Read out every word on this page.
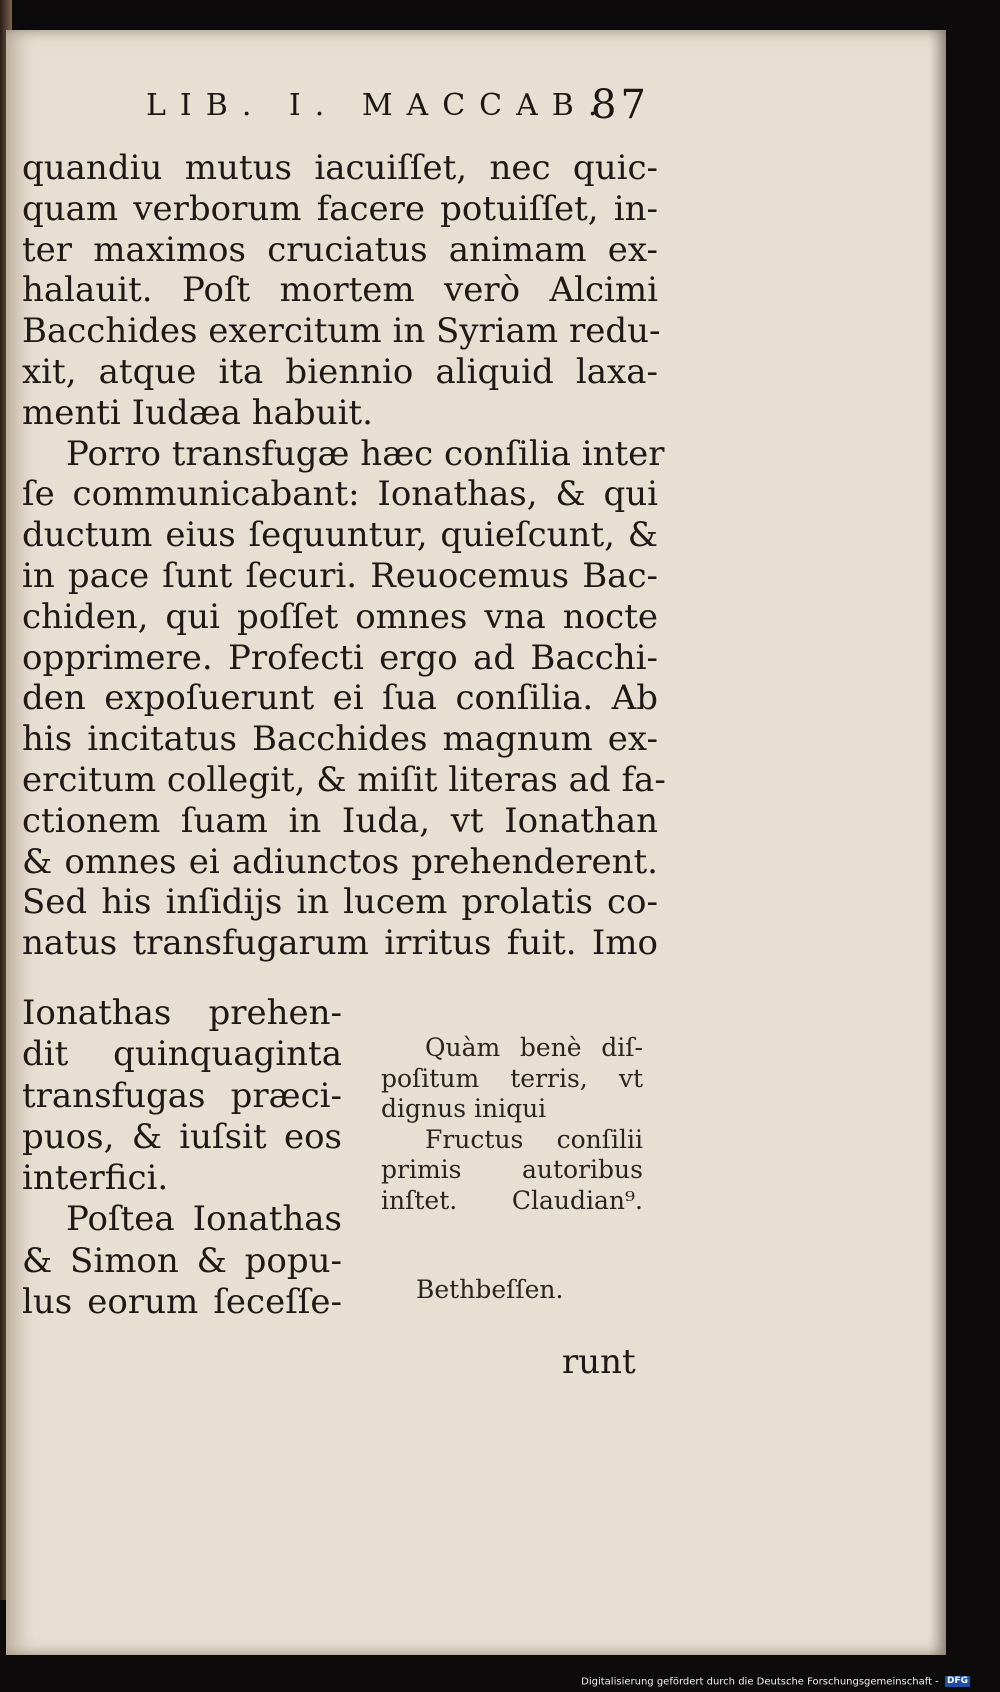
LIB. I. MACCAB.
87
quandiu mutus iacuiſſet, nec quic-
quam verborum facere potuiſſet, in-
ter maximos cruciatus animam ex-
halauit. Poſt mortem verò Alcimi
Bacchides exercitum in Syriam redu-
xit, atque ita biennio aliquid laxa-
menti Iudæa habuit.
Porro transfugæ hæc conſilia inter
ſe communicabant: Ionathas, & qui
ductum eius ſequuntur, quieſcunt, &
in pace ſunt ſecuri. Reuocemus Bac-
chiden, qui poſſet omnes vna nocte
opprimere. Profecti ergo ad Bacchi-
den expoſuerunt ei ſua conſilia. Ab
his incitatus Bacchides magnum ex-
ercitum collegit, & miſit literas ad fa-
ctionem ſuam in Iuda, vt Ionathan
& omnes ei adiunctos prehenderent.
Sed his inſidijs in lucem prolatis co-
natus transfugarum irritus fuit. Imo
Ionathas prehen-
dit quinquaginta
transfugas præci-
puos, & iuſsit eos
interfici.
Poſtea Ionathas
& Simon & popu-
lus eorum ſeceſſe-
Quàm benè diſ-
poſitum terris, vt
dignus iniqui
Fructus conſilii
primis autoribus
inſtet. Claudian⁹.
Bethbeſſen.
runt
Digitalisierung gefördert durch die Deutsche Forschungsgemeinschaft - DFG
